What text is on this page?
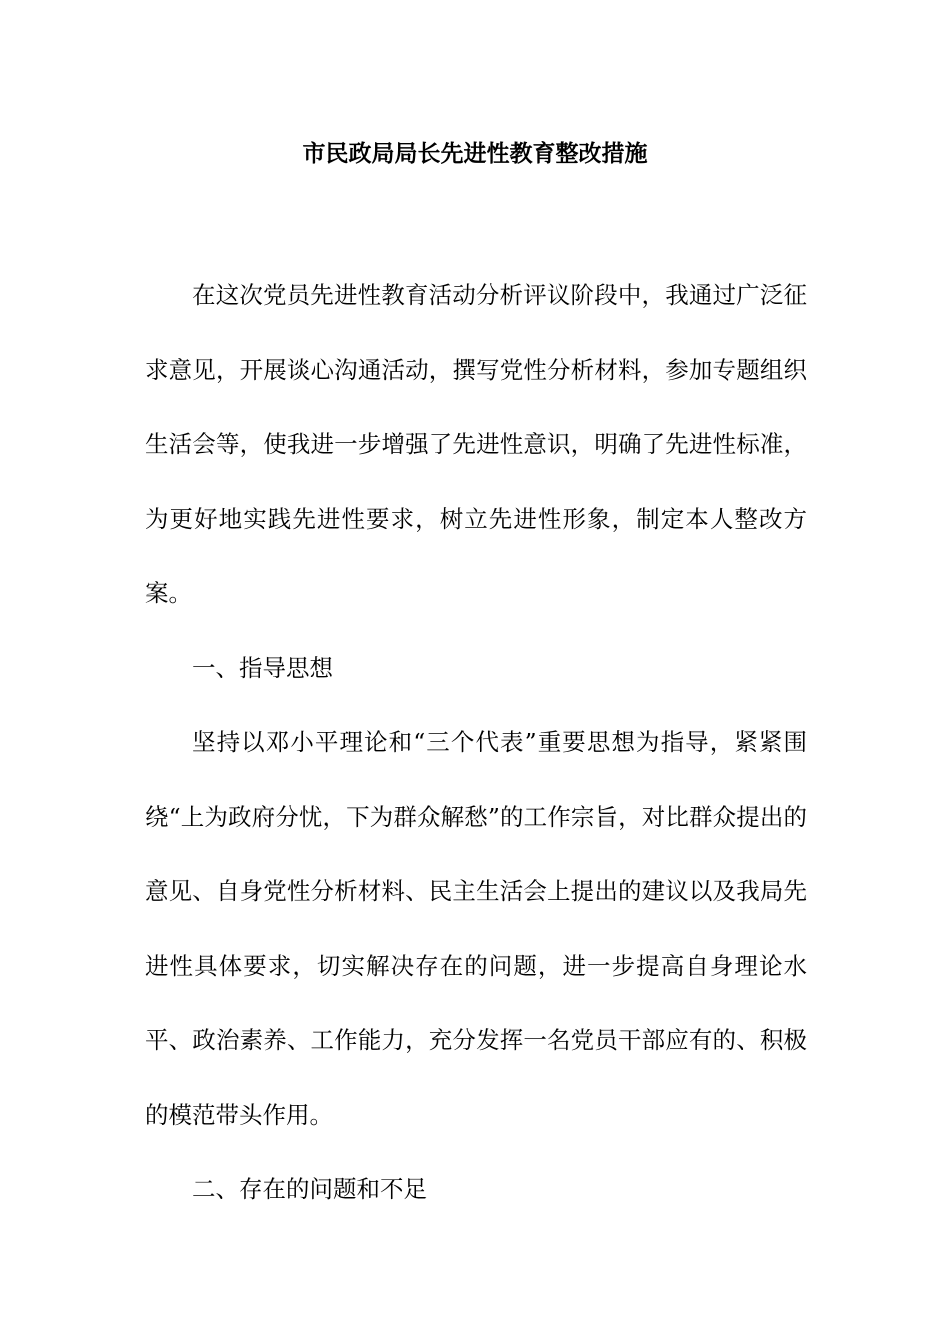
市民政局局长先进性教育整改措施

在这次党员先进性教育活动分析评议阶段中，我通过广泛征求意见，开展谈心沟通活动，撰写党性分析材料，参加专题组织生活会等，使我进一步增强了先进性意识，明确了先进性标准，为更好地实践先进性要求，树立先进性形象，制定本人整改方案。

一、指导思想

坚持以邓小平理论和“三个代表”重要思想为指导，紧紧围绕“上为政府分忧，下为群众解愁”的工作宗旨，对比群众提出的意见、自身党性分析材料、民主生活会上提出的建议以及我局先进性具体要求，切实解决存在的问题，进一步提高自身理论水平、政治素养、工作能力，充分发挥一名党员干部应有的、积极的模范带头作用。

二、存在的问题和不足
